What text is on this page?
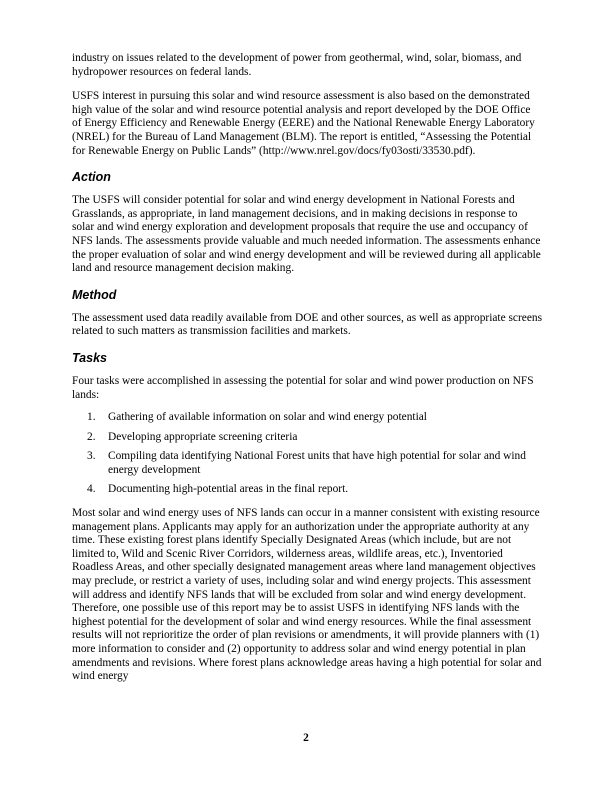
industry on issues related to the development of power from geothermal, wind, solar, biomass, and hydropower resources on federal lands.

USFS interest in pursuing this solar and wind resource assessment is also based on the demonstrated high value of the solar and wind resource potential analysis and report developed by the DOE Office of Energy Efficiency and Renewable Energy (EERE) and the National Renewable Energy Laboratory (NREL) for the Bureau of Land Management (BLM). The report is entitled, “Assessing the Potential for Renewable Energy on Public Lands” (http://www.nrel.gov/docs/fy03osti/33530.pdf).

Action

The USFS will consider potential for solar and wind energy development in National Forests and Grasslands, as appropriate, in land management decisions, and in making decisions in response to solar and wind energy exploration and development proposals that require the use and occupancy of NFS lands. The assessments provide valuable and much needed information. The assessments enhance the proper evaluation of solar and wind energy development and will be reviewed during all applicable land and resource management decision making.

Method

The assessment used data readily available from DOE and other sources, as well as appropriate screens related to such matters as transmission facilities and markets.

Tasks

Four tasks were accomplished in assessing the potential for solar and wind power production on NFS lands:

1. Gathering of available information on solar and wind energy potential
2. Developing appropriate screening criteria
3. Compiling data identifying National Forest units that have high potential for solar and wind energy development
4. Documenting high-potential areas in the final report.

Most solar and wind energy uses of NFS lands can occur in a manner consistent with existing resource management plans. Applicants may apply for an authorization under the appropriate authority at any time. These existing forest plans identify Specially Designated Areas (which include, but are not limited to, Wild and Scenic River Corridors, wilderness areas, wildlife areas, etc.), Inventoried Roadless Areas, and other specially designated management areas where land management objectives may preclude, or restrict a variety of uses, including solar and wind energy projects. This assessment will address and identify NFS lands that will be excluded from solar and wind energy development. Therefore, one possible use of this report may be to assist USFS in identifying NFS lands with the highest potential for the development of solar and wind energy resources. While the final assessment results will not reprioritize the order of plan revisions or amendments, it will provide planners with (1) more information to consider and (2) opportunity to address solar and wind energy potential in plan amendments and revisions. Where forest plans acknowledge areas having a high potential for solar and wind energy

2
